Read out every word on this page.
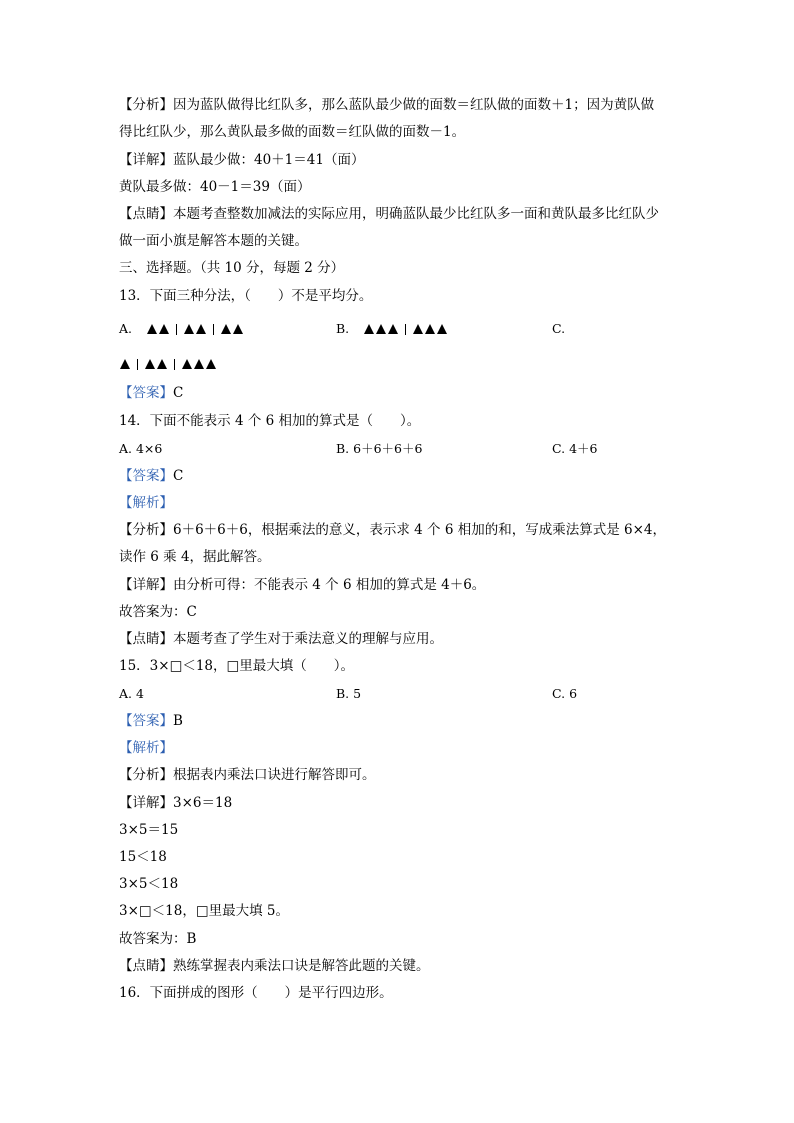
【分析】因为蓝队做得比红队多，那么蓝队最少做的面数＝红队做的面数＋1；因为黄队做
得比红队少，那么黄队最多做的面数＝红队做的面数－1。
【详解】蓝队最少做：40＋1＝41（面）
黄队最多做：40－1＝39（面）
【点睛】本题考查整数加减法的实际应用，明确蓝队最少比红队多一面和黄队最多比红队少
做一面小旗是解答本题的关键。
三、选择题。（共 10 分，每题 2 分）
13．下面三种分法，（　　）不是平均分。
A.	B.	C.
【答案】C
14．下面不能表示 4 个 6 相加的算式是（　　）。
A. 4×6	B. 6＋6＋6＋6	C. 4＋6
【答案】C
【解析】
【分析】6＋6＋6＋6，根据乘法的意义，表示求 4 个 6 相加的和，写成乘法算式是 6×4，
读作 6 乘 4，据此解答。
【详解】由分析可得：不能表示 4 个 6 相加的算式是 4＋6。
故答案为：C
【点睛】本题考查了学生对于乘法意义的理解与应用。
15．3×□＜18，□里最大填（　　）。
A. 4	B. 5	C. 6
【答案】B
【解析】
【分析】根据表内乘法口诀进行解答即可。
【详解】3×6＝18
3×5＝15
15＜18
3×5＜18
3×□＜18，□里最大填 5。
故答案为：B
【点睛】熟练掌握表内乘法口诀是解答此题的关键。
16．下面拼成的图形（　　）是平行四边形。
